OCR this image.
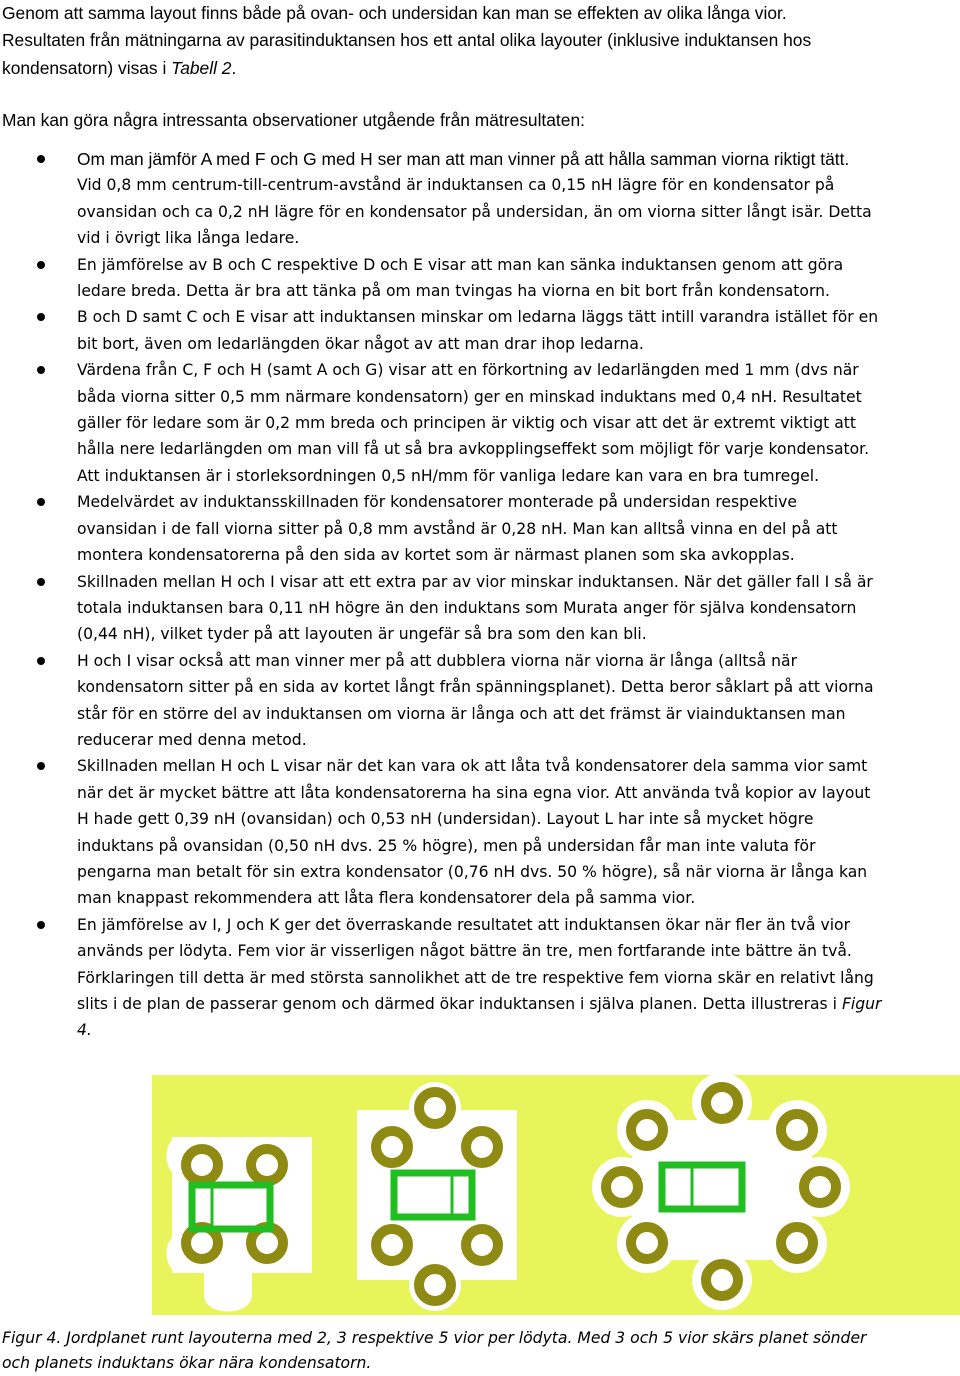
Genom att samma layout finns både på ovan- och undersidan kan man se effekten av olika långa vior.
Resultaten från mätningarna av parasitinduktansen hos ett antal olika layouter (inklusive induktansen hos
kondensatorn) visas i Tabell 2.
Man kan göra några intressanta observationer utgående från mätresultaten:
Om man jämför A med F och G med H ser man att man vinner på att hålla samman viorna riktigt tätt.
Vid 0,8 mm centrum-till-centrum-avstånd är induktansen ca 0,15 nH lägre för en kondensator på
ovansidan och ca 0,2 nH lägre för en kondensator på undersidan, än om viorna sitter långt isär. Detta
vid i övrigt lika långa ledare.
En jämförelse av B och C respektive D och E visar att man kan sänka induktansen genom att göra
ledare breda. Detta är bra att tänka på om man tvingas ha viorna en bit bort från kondensatorn.
B och D samt C och E visar att induktansen minskar om ledarna läggs tätt intill varandra istället för en
bit bort, även om ledarlängden ökar något av att man drar ihop ledarna.
Värdena från C, F och H (samt A och G) visar att en förkortning av ledarlängden med 1 mm (dvs när
båda viorna sitter 0,5 mm närmare kondensatorn) ger en minskad induktans med 0,4 nH. Resultatet
gäller för ledare som är 0,2 mm breda och principen är viktig och visar att det är extremt viktigt att
hålla nere ledarlängden om man vill få ut så bra avkopplingseffekt som möjligt för varje kondensator.
Att induktansen är i storleksordningen 0,5 nH/mm för vanliga ledare kan vara en bra tumregel.
Medelvärdet av induktansskillnaden för kondensatorer monterade på undersidan respektive
ovansidan i de fall viorna sitter på 0,8 mm avstånd är 0,28 nH. Man kan alltså vinna en del på att
montera kondensatorerna på den sida av kortet som är närmast planen som ska avkopplas.
Skillnaden mellan H och I visar att ett extra par av vior minskar induktansen. När det gäller fall I så är
totala induktansen bara 0,11 nH högre än den induktans som Murata anger för själva kondensatorn
(0,44 nH), vilket tyder på att layouten är ungefär så bra som den kan bli.
H och I visar också att man vinner mer på att dubblera viorna när viorna är långa (alltså när
kondensatorn sitter på en sida av kortet långt från spänningsplanet). Detta beror såklart på att viorna
står för en större del av induktansen om viorna är långa och att det främst är viainduktansen man
reducerar med denna metod.
Skillnaden mellan H och L visar när det kan vara ok att låta två kondensatorer dela samma vior samt
när det är mycket bättre att låta kondensatorerna ha sina egna vior. Att använda två kopior av layout
H hade gett 0,39 nH (ovansidan) och 0,53 nH (undersidan). Layout L har inte så mycket högre
induktans på ovansidan (0,50 nH dvs. 25 % högre), men på undersidan får man inte valuta för
pengarna man betalt för sin extra kondensator (0,76 nH dvs. 50 % högre), så när viorna är långa kan
man knappast rekommendera att låta flera kondensatorer dela på samma vior.
En jämförelse av I, J och K ger det överraskande resultatet att induktansen ökar när fler än två vior
används per lödyta. Fem vior är visserligen något bättre än tre, men fortfarande inte bättre än två.
Förklaringen till detta är med största sannolikhet att de tre respektive fem viorna skär en relativt lång
slits i de plan de passerar genom och därmed ökar induktansen i själva planen. Detta illustreras i Figur
4.
Figur 4. Jordplanet runt layouterna med 2, 3 respektive 5 vior per lödyta. Med 3 och 5 vior skärs planet sönder
och planets induktans ökar nära kondensatorn.
